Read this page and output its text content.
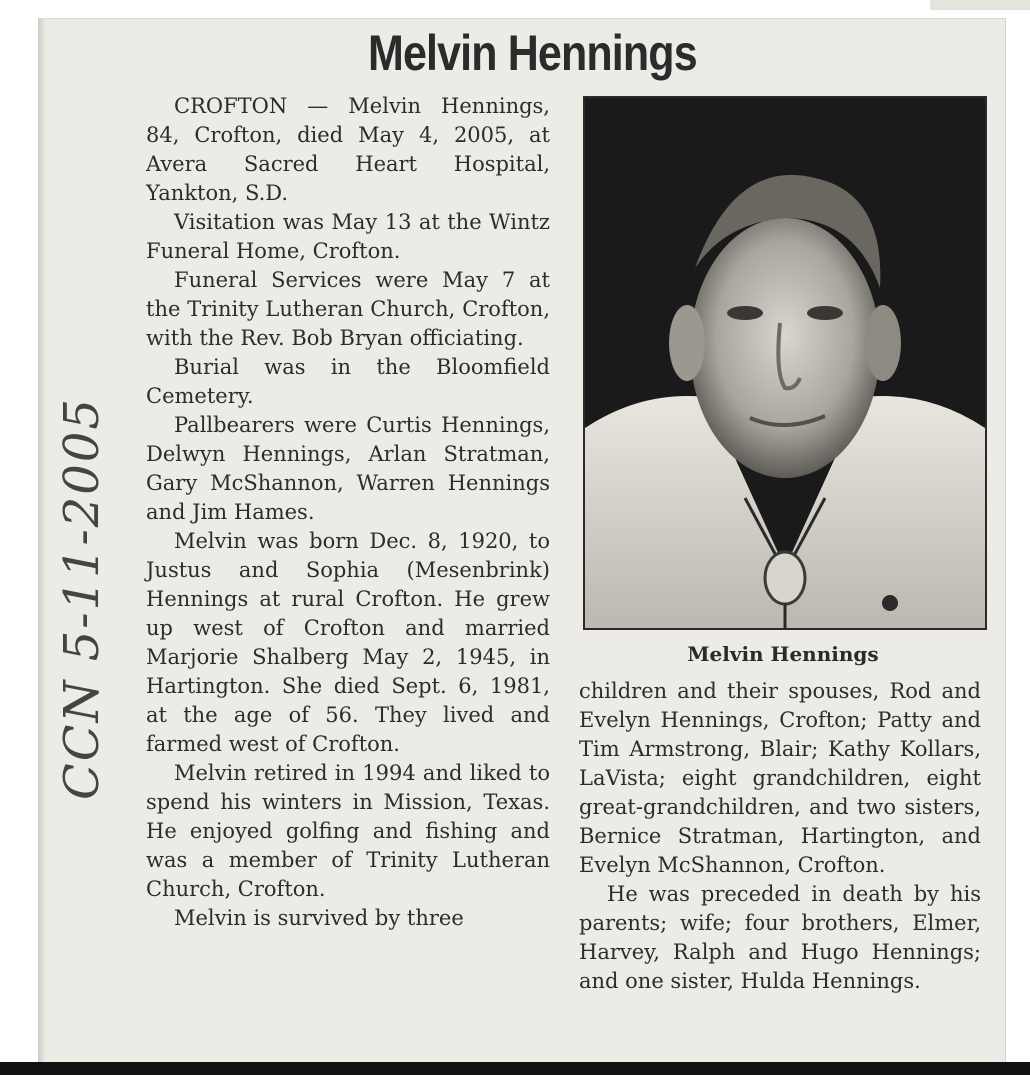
Melvin Hennings

CROFTON — Melvin Hennings, 84, Crofton, died May 4, 2005, at Avera Sacred Heart Hospital, Yankton, S.D.

Visitation was May 13 at the Wintz Funeral Home, Crofton.

Funeral Services were May 7 at the Trinity Lutheran Church, Crofton, with the Rev. Bob Bryan officiating.

Burial was in the Bloomfield Cemetery.

Pallbearers were Curtis Hennings, Delwyn Hennings, Arlan Stratman, Gary McShannon, Warren Hennings and Jim Hames.

Melvin was born Dec. 8, 1920, to Justus and Sophia (Mesenbrink) Hennings at rural Crofton. He grew up west of Crofton and married Marjorie Shalberg May 2, 1945, in Hartington. She died Sept. 6, 1981, at the age of 56. They lived and farmed west of Crofton.

Melvin retired in 1994 and liked to spend his winters in Mission, Texas. He enjoyed golfing and fishing and was a member of Trinity Lutheran Church, Crofton.

Melvin is survived by three

Melvin Hennings

children and their spouses, Rod and Evelyn Hennings, Crofton; Patty and Tim Armstrong, Blair; Kathy Kollars, LaVista; eight grandchildren, eight great-grandchildren, and two sisters, Bernice Stratman, Hartington, and Evelyn McShannon, Crofton.

He was preceded in death by his parents; wife; four brothers, Elmer, Harvey, Ralph and Hugo Hennings; and one sister, Hulda Hennings.

CCN 5-11-2005
